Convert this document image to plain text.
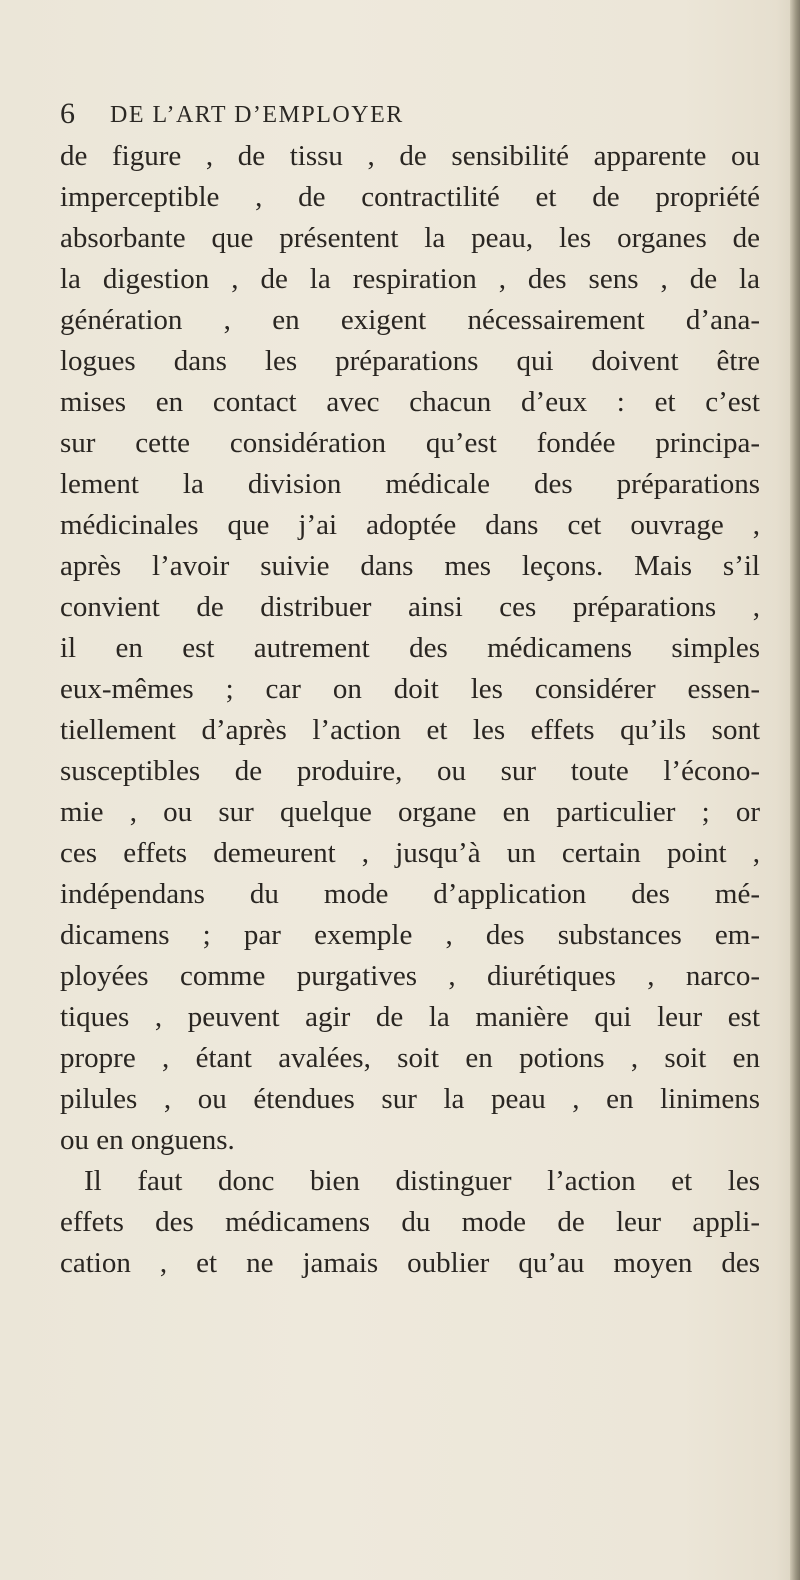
6 DE L’ART D’EMPLOYER
de figure , de tissu , de sensibilité apparente ou
imperceptible , de contractilité et de propriété
absorbante que présentent la peau, les organes de
la digestion , de la respiration , des sens , de la
génération , en exigent nécessairement d’ana-
logues dans les préparations qui doivent être
mises en contact avec chacun d’eux : et c’est
sur cette considération qu’est fondée principa-
lement la division médicale des préparations
médicinales que j’ai adoptée dans cet ouvrage ,
après l’avoir suivie dans mes leçons. Mais s’il
convient de distribuer ainsi ces préparations ,
il en est autrement des médicamens simples
eux-mêmes ; car on doit les considérer essen-
tiellement d’après l’action et les effets qu’ils sont
susceptibles de produire, ou sur toute l’écono-
mie , ou sur quelque organe en particulier ; or
ces effets demeurent , jusqu’à un certain point ,
indépendans du mode d’application des mé-
dicamens ; par exemple , des substances em-
ployées comme purgatives , diurétiques , narco-
tiques , peuvent agir de la manière qui leur est
propre , étant avalées, soit en potions , soit en
pilules , ou étendues sur la peau , en linimens
ou en onguens.
Il faut donc bien distinguer l’action et les
effets des médicamens du mode de leur appli-
cation , et ne jamais oublier qu’au moyen des
